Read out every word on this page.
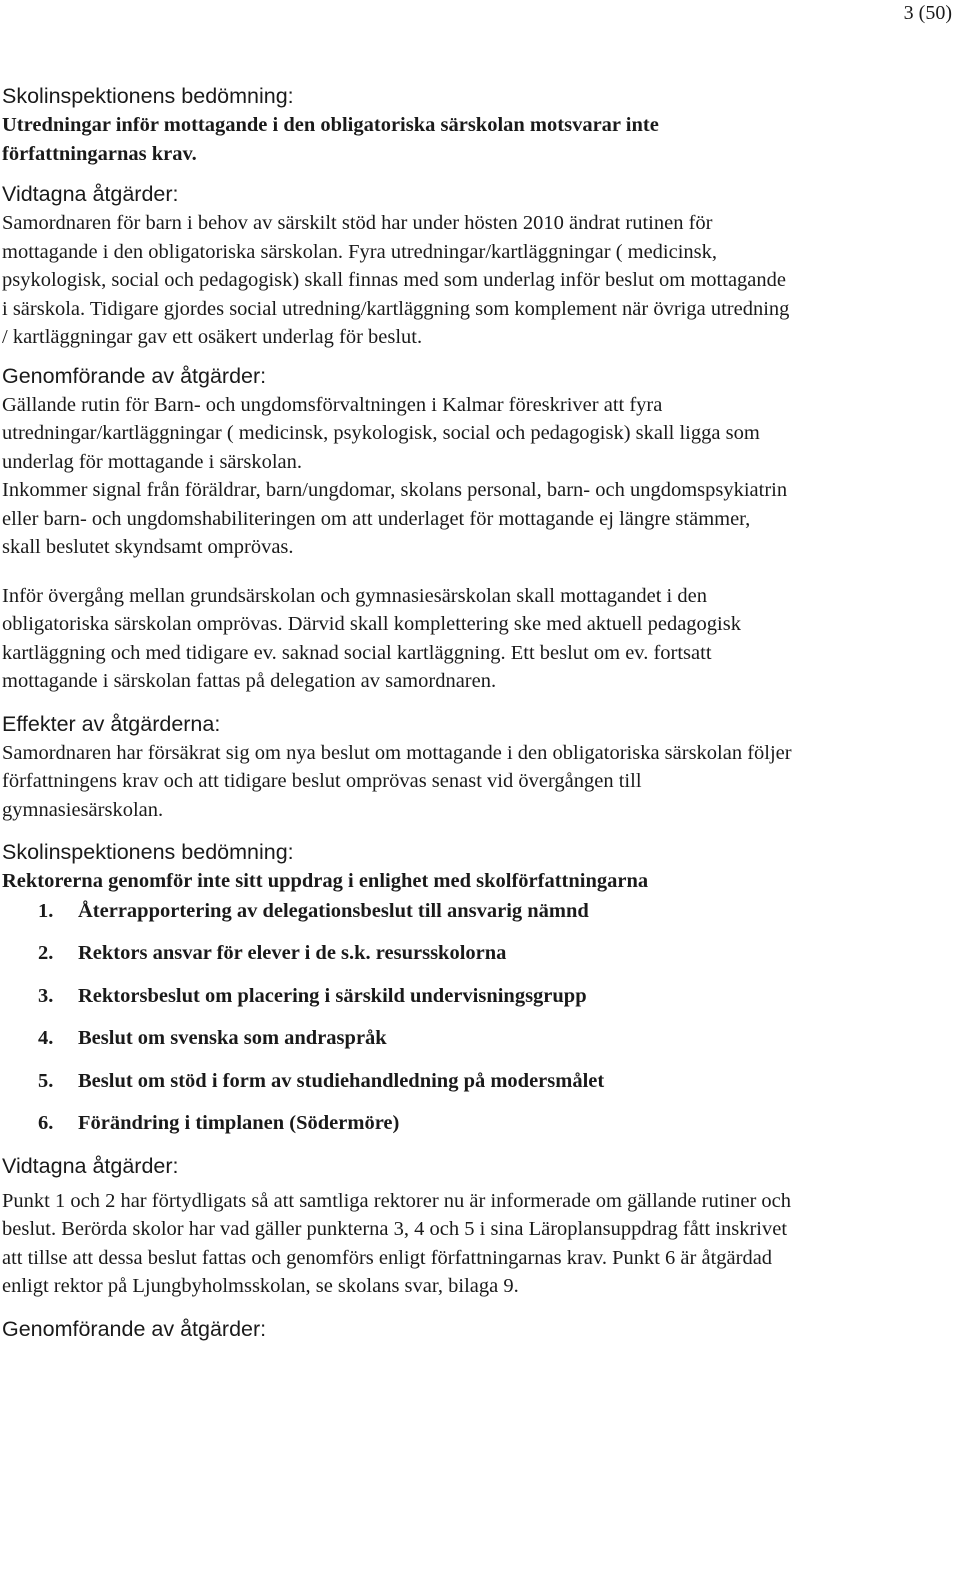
3 (50)
Skolinspektionens bedömning:
Utredningar inför mottagande i den obligatoriska särskolan motsvarar inte författningarnas krav.
Vidtagna åtgärder:
Samordnaren för barn i behov av särskilt stöd har under hösten 2010 ändrat rutinen för mottagande i den obligatoriska särskolan. Fyra utredningar/kartläggningar ( medicinsk, psykologisk, social och pedagogisk) skall finnas med som underlag inför beslut om mottagande i särskola. Tidigare gjordes social utredning/kartläggning som komplement när övriga utredning / kartläggningar gav ett osäkert underlag för beslut.
Genomförande av åtgärder:
Gällande rutin för Barn- och ungdomsförvaltningen i Kalmar föreskriver att fyra utredningar/kartläggningar ( medicinsk, psykologisk, social och pedagogisk) skall ligga som underlag för mottagande i särskolan.
Inkommer signal från föräldrar, barn/ungdomar, skolans personal, barn- och ungdomspsykiatrin eller barn- och ungdomshabiliteringen om att underlaget för mottagande ej längre stämmer, skall beslutet skyndsamt omprövas.
Inför övergång mellan grundsärskolan och gymnasiesärskolan skall mottagandet i den obligatoriska särskolan omprövas. Därvid skall komplettering ske med aktuell pedagogisk kartläggning och med tidigare ev. saknad social kartläggning. Ett beslut om ev. fortsatt mottagande i särskolan fattas på delegation av samordnaren.
Effekter av åtgärderna:
Samordnaren har försäkrat sig om nya beslut om mottagande i den obligatoriska särskolan följer författningens krav och att tidigare beslut omprövas senast vid övergången till gymnasiesärskolan.
Skolinspektionens bedömning:
Rektorerna genomför inte sitt uppdrag i enlighet med skolförfattningarna
1.	Återrapportering av delegationsbeslut till ansvarig nämnd
2.	Rektors ansvar för elever i de s.k. resursskolorna
3.	Rektorsbeslut om placering i särskild undervisningsgrupp
4.	Beslut om svenska som andraspråk
5.	Beslut om stöd i form av studiehandledning på modersmålet
6.	Förändring i timplanen (Södermöre)
Vidtagna åtgärder:
Punkt 1 och 2 har förtydligats så att samtliga rektorer nu är informerade om gällande rutiner och beslut. Berörda skolor har vad gäller punkterna 3, 4 och 5 i sina Läroplansuppdrag fått inskrivet att tillse att dessa beslut fattas och genomförs enligt författningarnas krav. Punkt 6 är åtgärdad enligt rektor på Ljungbyholmsskolan, se skolans svar, bilaga 9.
Genomförande av åtgärder:
